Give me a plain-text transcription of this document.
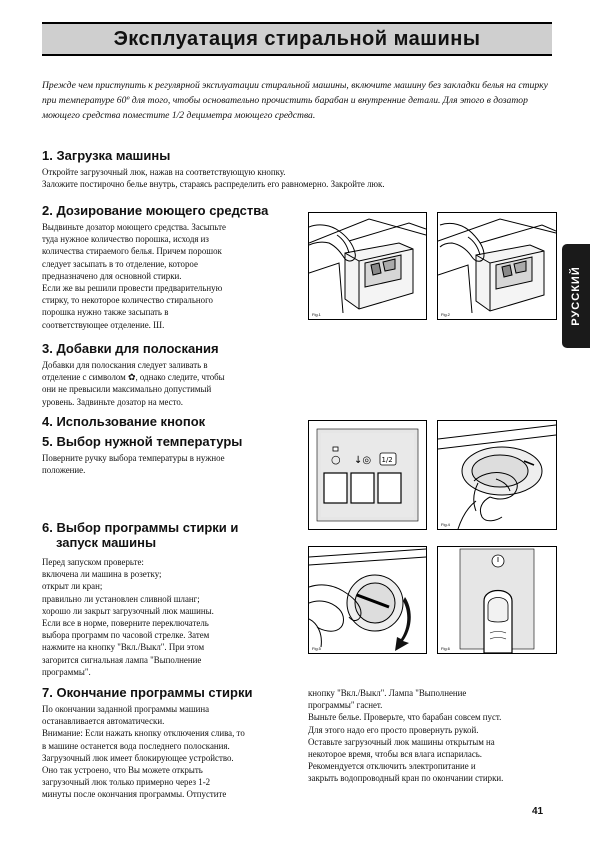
Эксплуатация стиральной машины
Прежде чем приступить к регулярной эксплуатации стиральной машины, включите машину без закладки белья на стирку при температуре 60º для того, чтобы основательно прочистить барабан и внутренние детали. Для этого в дозатор моющего средства поместите 1/2 дециметра моющего средства.
РУССКИЙ
1. Загрузка машины
Откройте загрузочный люк, нажав на соответствующую кнопку.
Заложите постирочно белье внутрь, стараясь распределить его равномерно. Закройте люк.
2. Дозирование моющего средства
Выдвиньте дозатор моющего средства. Засыпьте
туда нужное количество порошка, исходя из
количества стираемого белья. Причем порошок
следует засыпать в то отделение, которое
предназначено для основной стирки.
Если же вы решили провести предварительную
стирку, то некоторое количество стирального
порошка нужно также засыпать в
соответствующее отделение. Ш.
3. Добавки для полоскания
Добавки для полоскания следует заливать в
отделение с символом ✿, однако следите, чтобы
они не превысили максимально допустимый
уровень. Задвиньте дозатор на место.
4. Использование кнопок
5. Выбор нужной температуры
Поверните ручку выбора температуры в нужное
положение.
6. Выбор программы стирки и
запуск машины
Перед запуском проверьте:
включена ли машина в розетку;
открыт ли кран;
правильно ли установлен сливной шланг;
хорошо ли закрыт загрузочный люк машины.
Если все в норме, поверните переключатель
выбора программ по часовой стрелке. Затем
нажмите на кнопку "Вкл./Выкл". При этом
загорится сигнальная лампа "Выполнение
программы".
7. Окончание программы стирки
По окончании заданной программы машина
останавливается автоматически.
Внимание: Если нажать кнопку отключения слива, то
в машине останется вода последнего полоскания.
Загрузочный люк имеет блокирующее устройство.
Оно так устроено, что Вы можете открыть
загрузочный люк только примерно через 1-2
минуты после окончания программы. Отпустите
кнопку "Вкл./Выкл". Лампа "Выполнение
программы" гаснет.
Выньте белье. Проверьте, что барабан совсем пуст.
Для этого надо его просто провернуть рукой.
Оставьте загрузочный люк машины открытым на
некоторое время, чтобы вся влага испарилась.
Рекомендуется отключить электропитание и
закрыть водопроводный кран по окончании стирки.
Fig.1	Fig.2
○ ↓◎ 1/2
Fig.4
Fig.5	Fig.6
41
